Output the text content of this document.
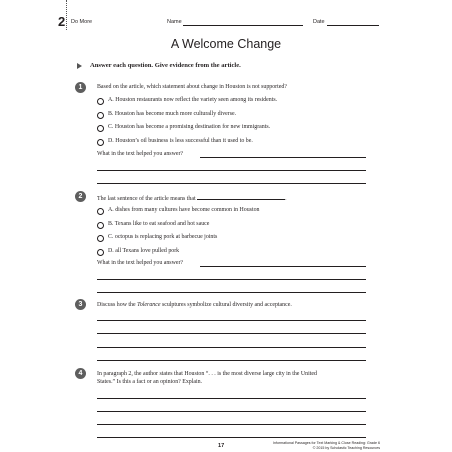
2 Do More	Name	Date
A Welcome Change
Answer each question. Give evidence from the article.
1	Based on the article, which statement about change in Houston is not supported?
A. Houston restaurants now reflect the variety seen among its residents.
B. Houston has become much more culturally diverse.
C. Houston has become a promising destination for new immigrants.
D. Houston’s oil business is less successful than it used to be.
What in the text helped you answer?
2	The last sentence of the article means that	.
A. dishes from many cultures have become common in Houston
B. Texans like to eat seafood and hot sauce
C. octopus is replacing pork at barbecue joints
D. all Texans love pulled pork
What in the text helped you answer?
3	Discuss how the Tolerance sculptures symbolize cultural diversity and acceptance.
4	In paragraph 2, the author states that Houston “. . . is the most diverse large city in the United
States.” Is this a fact or an opinion? Explain.
17	Informational Passages for Text Marking & Close Reading: Grade 6
© 2015 by Scholastic Teaching Resources
